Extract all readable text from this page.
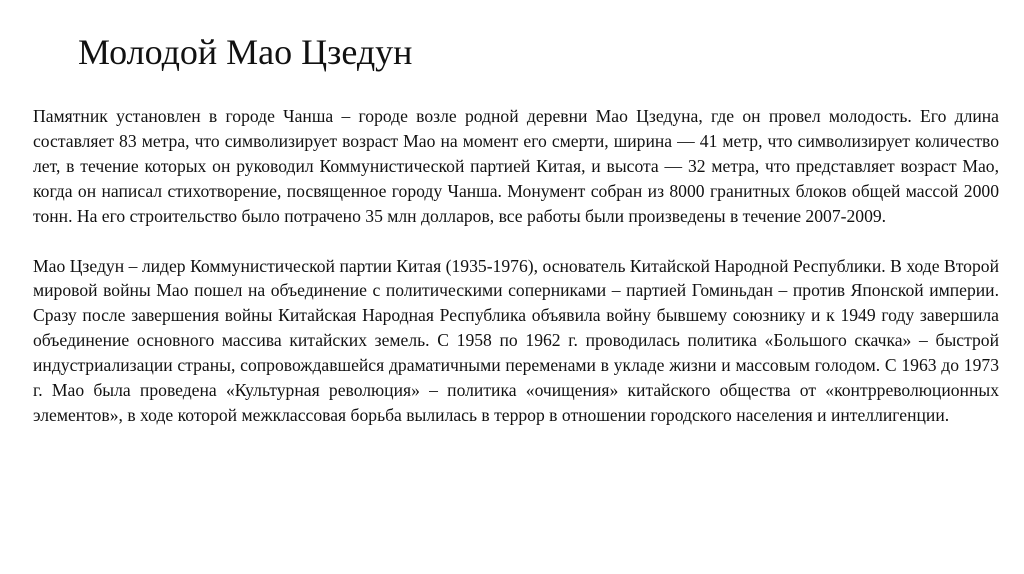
Молодой Мао Цзедун

Памятник установлен в городе Чанша – городе возле родной деревни Мао Цзедуна, где он провел молодость. Его длина составляет 83 метра, что символизирует возраст Мао на момент его смерти, ширина — 41 метр, что символизирует количество лет, в течение которых он руководил Коммунистической партией Китая, и высота — 32 метра, что представляет возраст Мао, когда он написал стихотворение, посвященное городу Чанша. Монумент собран из 8000 гранитных блоков общей массой 2000 тонн. На его строительство было потрачено 35 млн долларов, все работы были произведены в течение 2007-2009.

Мао Цзедун – лидер Коммунистической партии Китая (1935-1976), основатель Китайской Народной Республики. В ходе Второй мировой войны Мао пошел на объединение с политическими соперниками – партией Гоминьдан – против Японской империи. Сразу после завершения войны Китайская Народная Республика объявила войну бывшему союзнику и к 1949 году завершила объединение основного массива китайских земель. С 1958 по 1962 г. проводилась политика «Большого скачка» – быстрой индустриализации страны, сопровождавшейся драматичными переменами в укладе жизни и массовым голодом. С 1963 до 1973 г. Мао была проведена «Культурная революция» – политика «очищения» китайского общества от «контрреволюционных элементов», в ходе которой межклассовая борьба вылилась в террор в отношении городского населения и интеллигенции.
